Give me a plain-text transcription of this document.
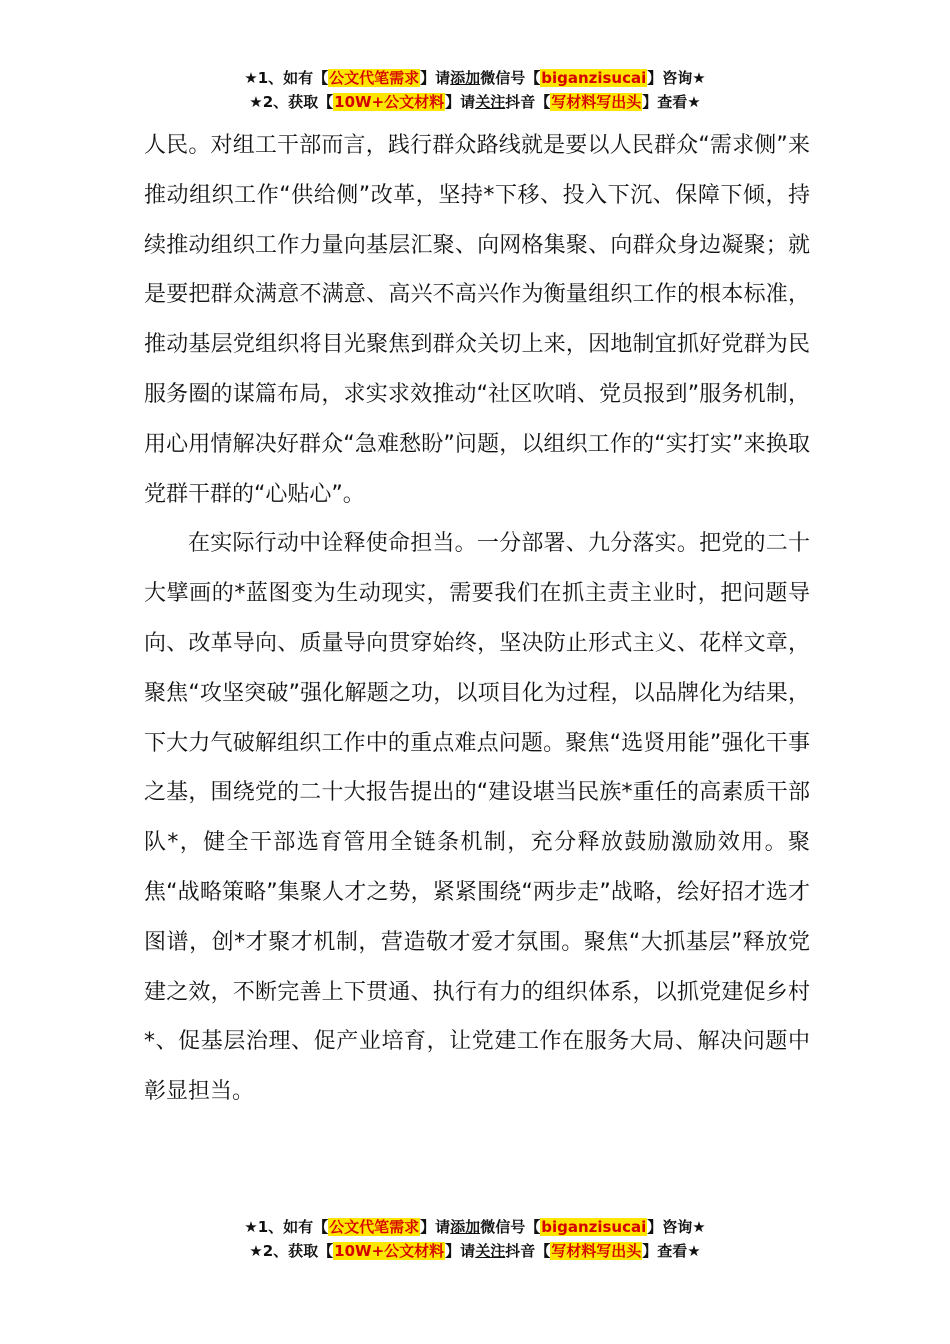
★1、如有【公文代笔需求】请添加微信号【biganzisucai】咨询★
★2、获取【10W+公文材料】请关注抖音【写材料写出头】查看★

人民。对组工干部而言，践行群众路线就是要以人民群众“需求侧”来推动组织工作“供给侧”改革，坚持*下移、投入下沉、保障下倾，持续推动组织工作力量向基层汇聚、向网格集聚、向群众身边凝聚；就是要把群众满意不满意、高兴不高兴作为衡量组织工作的根本标准，推动基层党组织将目光聚焦到群众关切上来，因地制宜抓好党群为民服务圈的谋篇布局，求实求效推动“社区吹哨、党员报到”服务机制，用心用情解决好群众“急难愁盼”问题，以组织工作的“实打实”来换取党群干群的“心贴心”。

在实际行动中诠释使命担当。一分部署、九分落实。把党的二十大擘画的*蓝图变为生动现实，需要我们在抓主责主业时，把问题导向、改革导向、质量导向贯穿始终，坚决防止形式主义、花样文章，聚焦“攻坚突破”强化解题之功，以项目化为过程，以品牌化为结果，下大力气破解组织工作中的重点难点问题。聚焦“选贤用能”强化干事之基，围绕党的二十大报告提出的“建设堪当民族*重任的高素质干部队*，健全干部选育管用全链条机制，充分释放鼓励激励效用。聚焦“战略策略”集聚人才之势，紧紧围绕“两步走”战略，绘好招才选才图谱，创*才聚才机制，营造敬才爱才氛围。聚焦“大抓基层”释放党建之效，不断完善上下贯通、执行有力的组织体系，以抓党建促乡村*、促基层治理、促产业培育，让党建工作在服务大局、解决问题中彰显担当。

★1、如有【公文代笔需求】请添加微信号【biganzisucai】咨询★
★2、获取【10W+公文材料】请关注抖音【写材料写出头】查看★
